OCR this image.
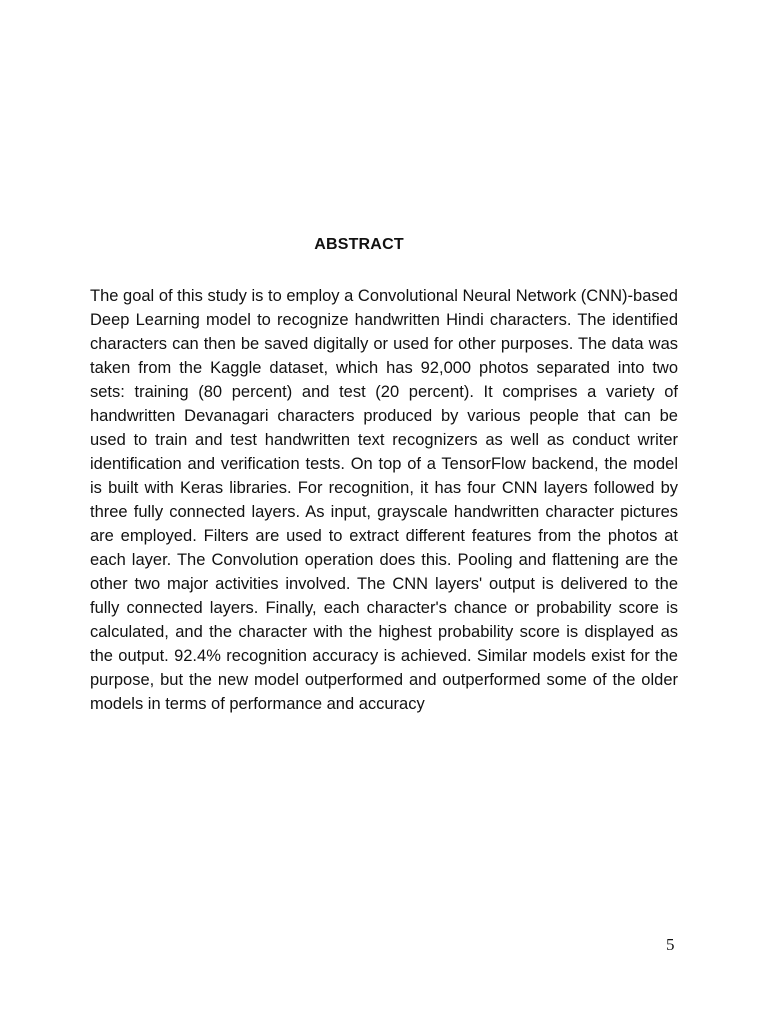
ABSTRACT

The goal of this study is to employ a Convolutional Neural Network (CNN)-based Deep Learning model to recognize handwritten Hindi characters. The identified characters can then be saved digitally or used for other purposes. The data was taken from the Kaggle dataset, which has 92,000 photos separated into two sets: training (80 percent) and test (20 percent). It comprises a variety of handwritten Devanagari characters produced by various people that can be used to train and test handwritten text recognizers as well as conduct writer identification and verification tests. On top of a TensorFlow backend, the model is built with Keras libraries. For recognition, it has four CNN layers followed by three fully connected layers. As input, grayscale handwritten character pictures are employed. Filters are used to extract different features from the photos at each layer. The Convolution operation does this. Pooling and flattening are the other two major activities involved. The CNN layers' output is delivered to the fully connected layers. Finally, each character's chance or probability score is calculated, and the character with the highest probability score is displayed as the output. 92.4% recognition accuracy is achieved. Similar models exist for the purpose, but the new model outperformed and outperformed some of the older models in terms of performance and accuracy

5
